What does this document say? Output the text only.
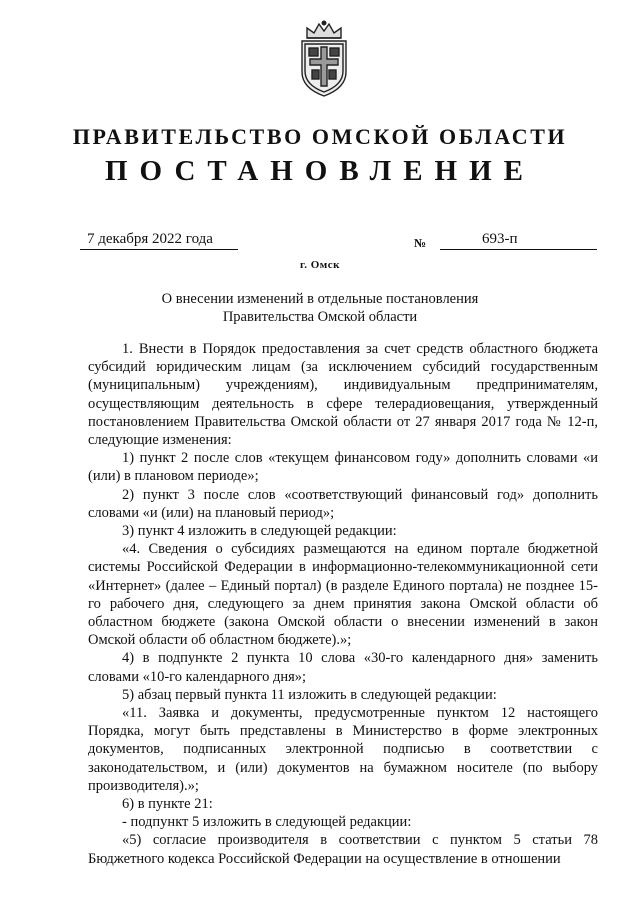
ПРАВИТЕЛЬСТВО ОМСКОЙ ОБЛАСТИ
ПОСТАНОВЛЕНИЕ
7 декабря 2022 года	№	693-п
г. Омск
О внесении изменений в отдельные постановления
Правительства Омской области

1. Внести в Порядок предоставления за счет средств областного бюджета субсидий юридическим лицам (за исключением субсидий государственным (муниципальным) учреждениям), индивидуальным предпринимателям, осуществляющим деятельность в сфере телерадиовещания, утвержденный постановлением Правительства Омской области от 27 января 2017 года № 12-п, следующие изменения:

1) пункт 2 после слов «текущем финансовом году» дополнить словами «и (или) в плановом периоде»;

2) пункт 3 после слов «соответствующий финансовый год» дополнить словами «и (или) на плановый период»;

3) пункт 4 изложить в следующей редакции:

«4. Сведения о субсидиях размещаются на едином портале бюджетной системы Российской Федерации в информационно-телекоммуникационной сети «Интернет» (далее – Единый портал) (в разделе Единого портала) не позднее 15-го рабочего дня, следующего за днем принятия закона Омской области об областном бюджете (закона Омской области о внесении изменений в закон Омской области об областном бюджете).»;

4) в подпункте 2 пункта 10 слова «30-го календарного дня» заменить словами «10-го календарного дня»;

5) абзац первый пункта 11 изложить в следующей редакции:

«11. Заявка и документы, предусмотренные пунктом 12 настоящего Порядка, могут быть представлены в Министерство в форме электронных документов, подписанных электронной подписью в соответствии с законодательством, и (или) документов на бумажном носителе (по выбору производителя).»;

6) в пункте 21:

- подпункт 5 изложить в следующей редакции:

«5) согласие производителя в соответствии с пунктом 5 статьи 78 Бюджетного кодекса Российской Федерации на осуществление в отношении
